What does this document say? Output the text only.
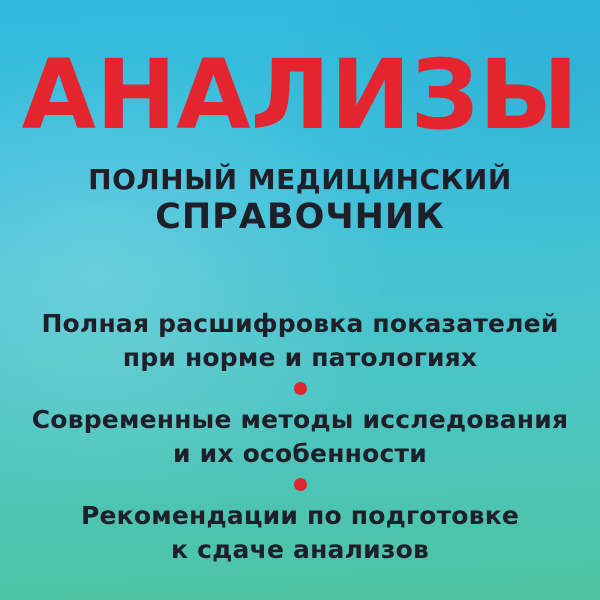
АНАЛИЗЫ
ПОЛНЫЙ МЕДИЦИНСКИЙ
СПРАВОЧНИК
Полная расшифровка показателей
при норме и патологиях
Современные методы исследования
и их особенности
Рекомендации по подготовке
к сдаче анализов
